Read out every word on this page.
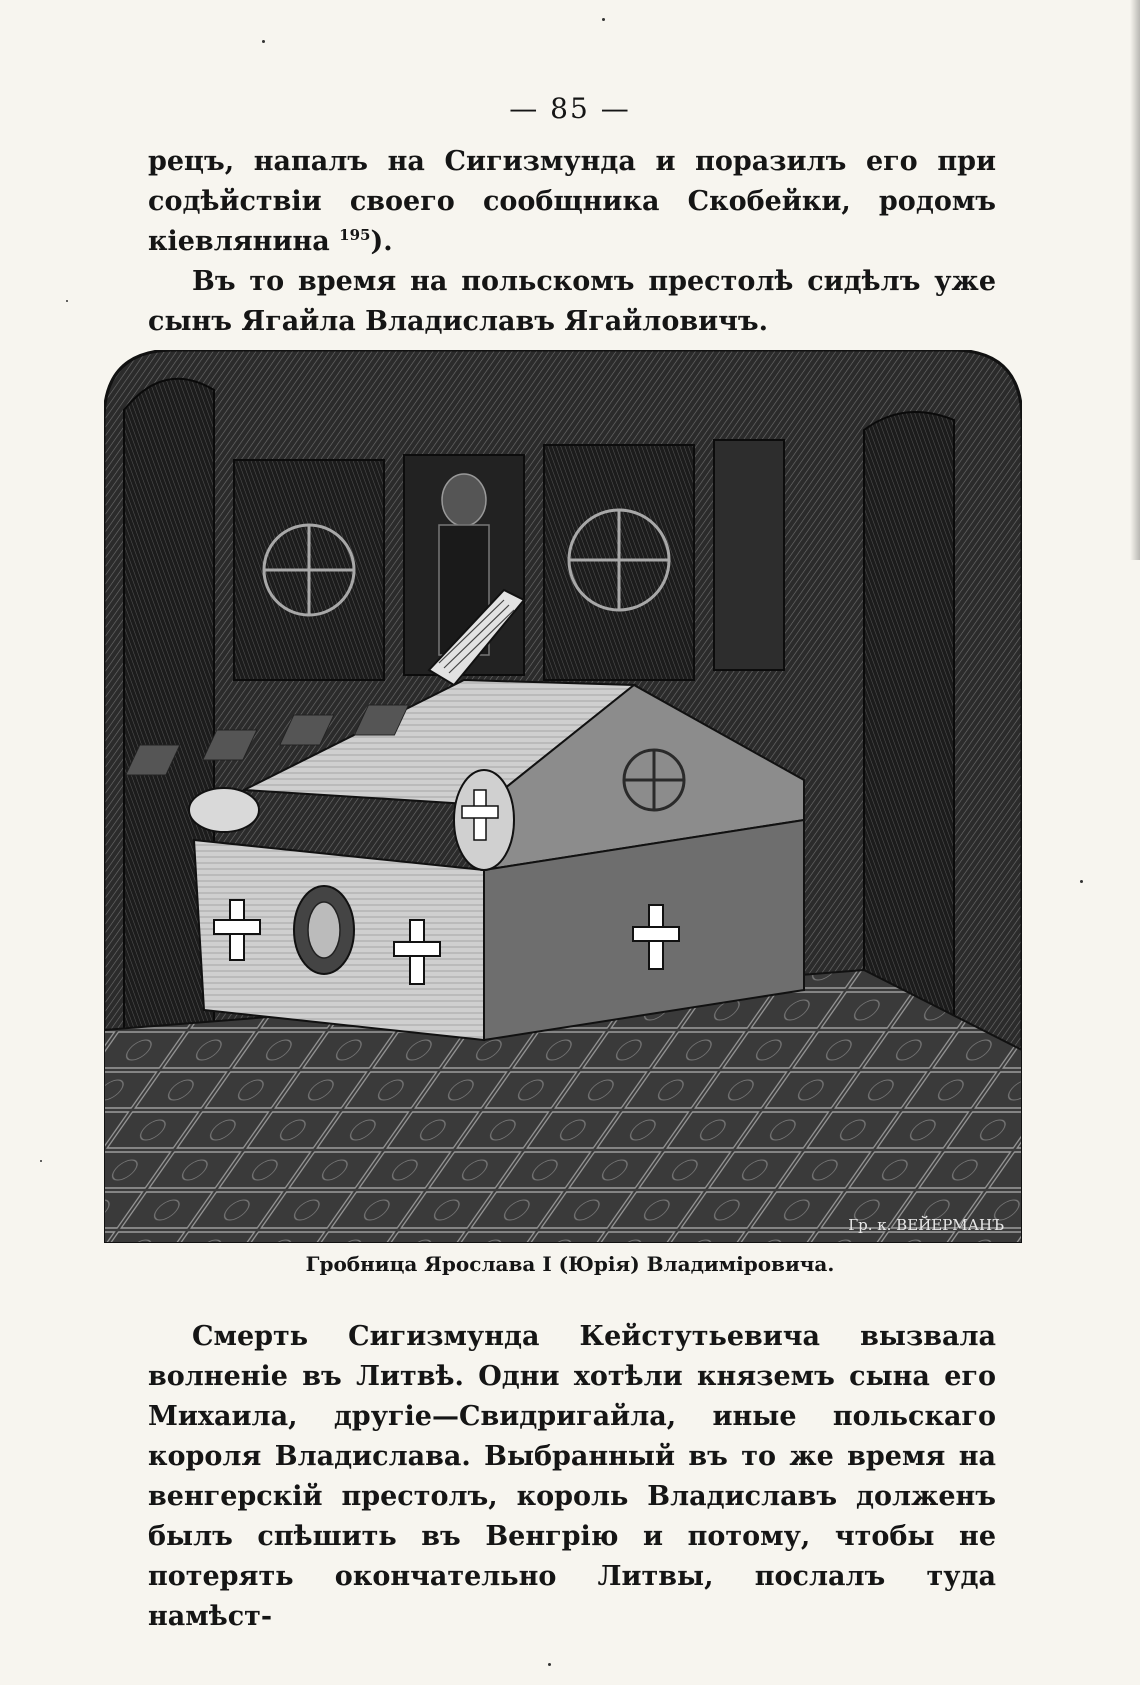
— 85 —

рецъ, напалъ на Сигизмунда и поразилъ его при содѣйствіи своего сообщника Скобейки, родомъ кіевлянина $^{195}$).

Въ то время на польскомъ престолѣ сидѣлъ уже сынъ Ягайла Владиславъ Ягайловичъ.

Гр. к. ВЕЙЕРМАНЪ
Гробница Ярослава I (Юрія) Владиміровича.

Смерть Сигизмунда Кейстутьевича вызвала волненіе въ Литвѣ. Одни хотѣли княземъ сына его Михаила, другіе—Свидригайла, иные польскаго короля Владислава. Выбранный въ то же время на венгерскій престолъ, король Владиславъ долженъ былъ спѣшить въ Венгрію и потому, чтобы не потерять окончательно Литвы, послалъ туда намѣст-
